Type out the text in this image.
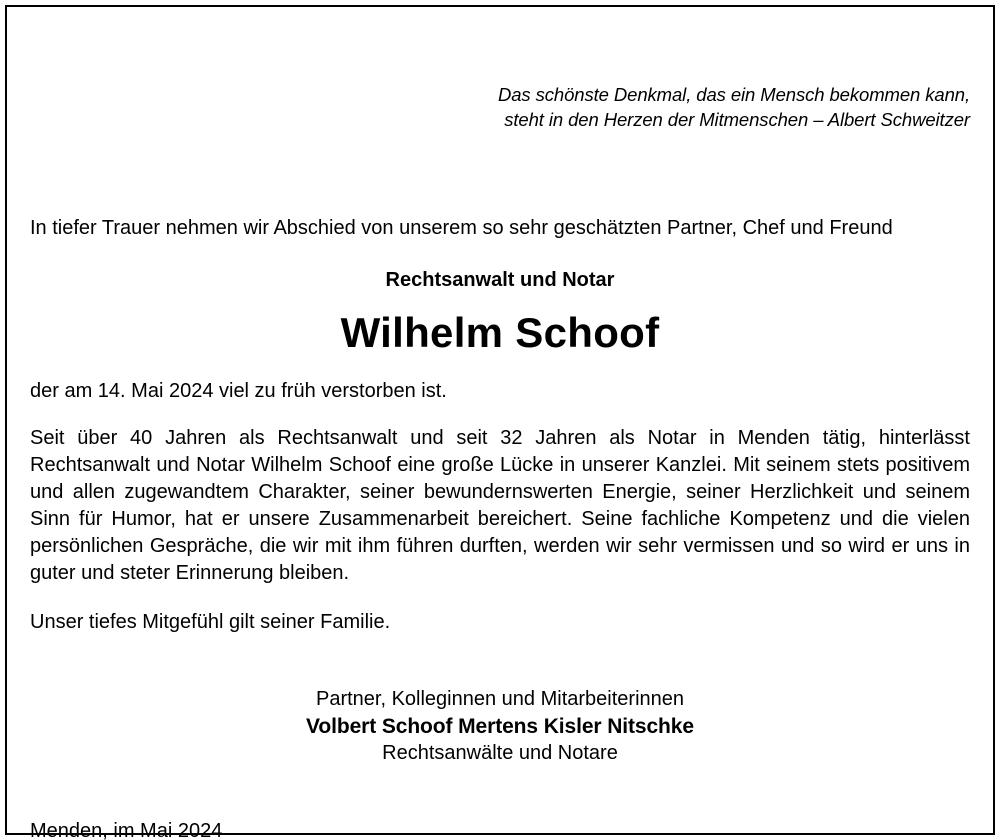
Das schönste Denkmal, das ein Mensch bekommen kann,
steht in den Herzen der Mitmenschen – Albert Schweitzer

In tiefer Trauer nehmen wir Abschied von unserem so sehr geschätzten Partner, Chef und Freund

Rechtsanwalt und Notar

Wilhelm Schoof

der am 14. Mai 2024 viel zu früh verstorben ist.

Seit über 40 Jahren als Rechtsanwalt und seit 32 Jahren als Notar in Menden tätig, hinterlässt Rechtsanwalt und Notar Wilhelm Schoof eine große Lücke in unserer Kanzlei. Mit seinem stets positivem und allen zugewandtem Charakter, seiner bewundernswerten Energie, seiner Herzlichkeit und seinem Sinn für Humor, hat er unsere Zusammenarbeit bereichert. Seine fachliche Kompetenz und die vielen persönlichen Gespräche, die wir mit ihm führen durften, werden wir sehr vermissen und so wird er uns in guter und steter Erinnerung bleiben.

Unser tiefes Mitgefühl gilt seiner Familie.

Partner, Kolleginnen und Mitarbeiterinnen
Volbert Schoof Mertens Kisler Nitschke
Rechtsanwälte und Notare

Menden, im Mai 2024
